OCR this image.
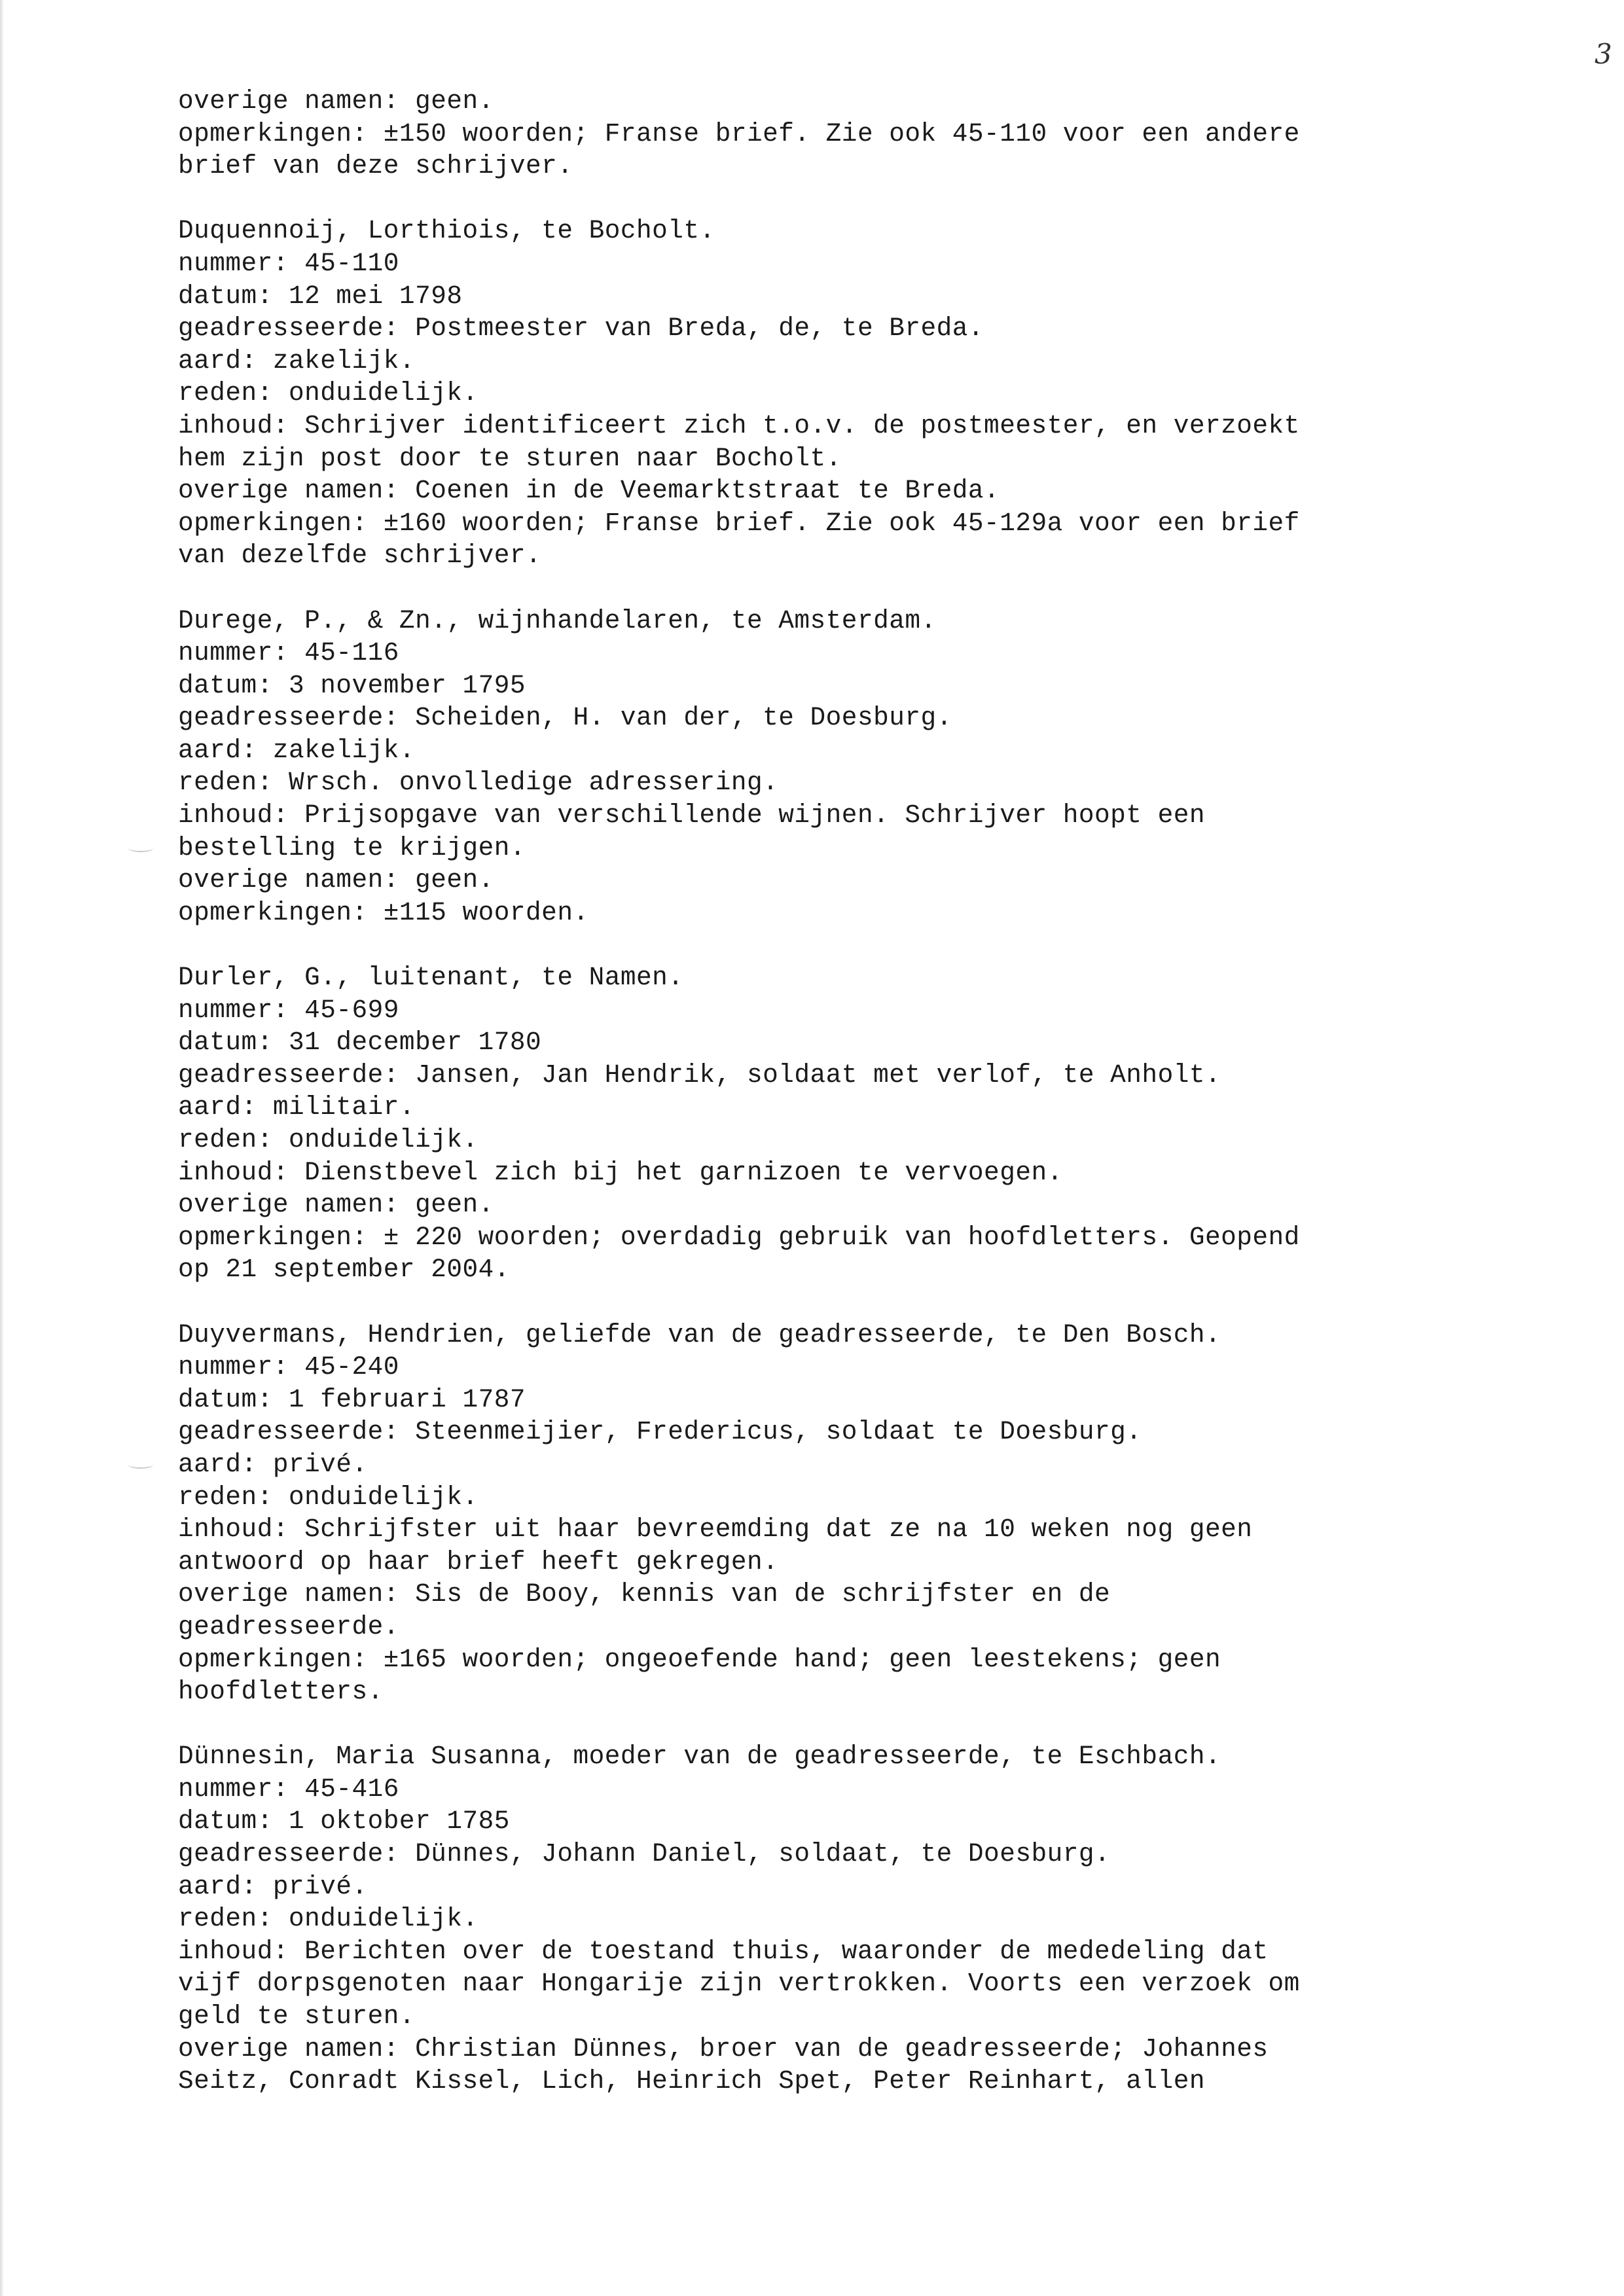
3
overige namen: geen.
opmerkingen: ±150 woorden; Franse brief. Zie ook 45-110 voor een andere
brief van deze schrijver.
Duquennoij, Lorthiois, te Bocholt.
nummer: 45-110
datum: 12 mei 1798
geadresseerde: Postmeester van Breda, de, te Breda.
aard: zakelijk.
reden: onduidelijk.
inhoud: Schrijver identificeert zich t.o.v. de postmeester, en verzoekt
hem zijn post door te sturen naar Bocholt.
overige namen: Coenen in de Veemarktstraat te Breda.
opmerkingen: ±160 woorden; Franse brief. Zie ook 45-129a voor een brief
van dezelfde schrijver.
Durege, P., & Zn., wijnhandelaren, te Amsterdam.
nummer: 45-116
datum: 3 november 1795
geadresseerde: Scheiden, H. van der, te Doesburg.
aard: zakelijk.
reden: Wrsch. onvolledige adressering.
inhoud: Prijsopgave van verschillende wijnen. Schrijver hoopt een
bestelling te krijgen.
overige namen: geen.
opmerkingen: ±115 woorden.
Durler, G., luitenant, te Namen.
nummer: 45-699
datum: 31 december 1780
geadresseerde: Jansen, Jan Hendrik, soldaat met verlof, te Anholt.
aard: militair.
reden: onduidelijk.
inhoud: Dienstbevel zich bij het garnizoen te vervoegen.
overige namen: geen.
opmerkingen: ± 220 woorden; overdadig gebruik van hoofdletters. Geopend
op 21 september 2004.
Duyvermans, Hendrien, geliefde van de geadresseerde, te Den Bosch.
nummer: 45-240
datum: 1 februari 1787
geadresseerde: Steenmeijier, Fredericus, soldaat te Doesburg.
aard: privé.
reden: onduidelijk.
inhoud: Schrijfster uit haar bevreemding dat ze na 10 weken nog geen
antwoord op haar brief heeft gekregen.
overige namen: Sis de Booy, kennis van de schrijfster en de
geadresseerde.
opmerkingen: ±165 woorden; ongeoefende hand; geen leestekens; geen
hoofdletters.
Dünnesin, Maria Susanna, moeder van de geadresseerde, te Eschbach.
nummer: 45-416
datum: 1 oktober 1785
geadresseerde: Dünnes, Johann Daniel, soldaat, te Doesburg.
aard: privé.
reden: onduidelijk.
inhoud: Berichten over de toestand thuis, waaronder de mededeling dat
vijf dorpsgenoten naar Hongarije zijn vertrokken. Voorts een verzoek om
geld te sturen.
overige namen: Christian Dünnes, broer van de geadresseerde; Johannes
Seitz, Conradt Kissel, Lich, Heinrich Spet, Peter Reinhart, allen
